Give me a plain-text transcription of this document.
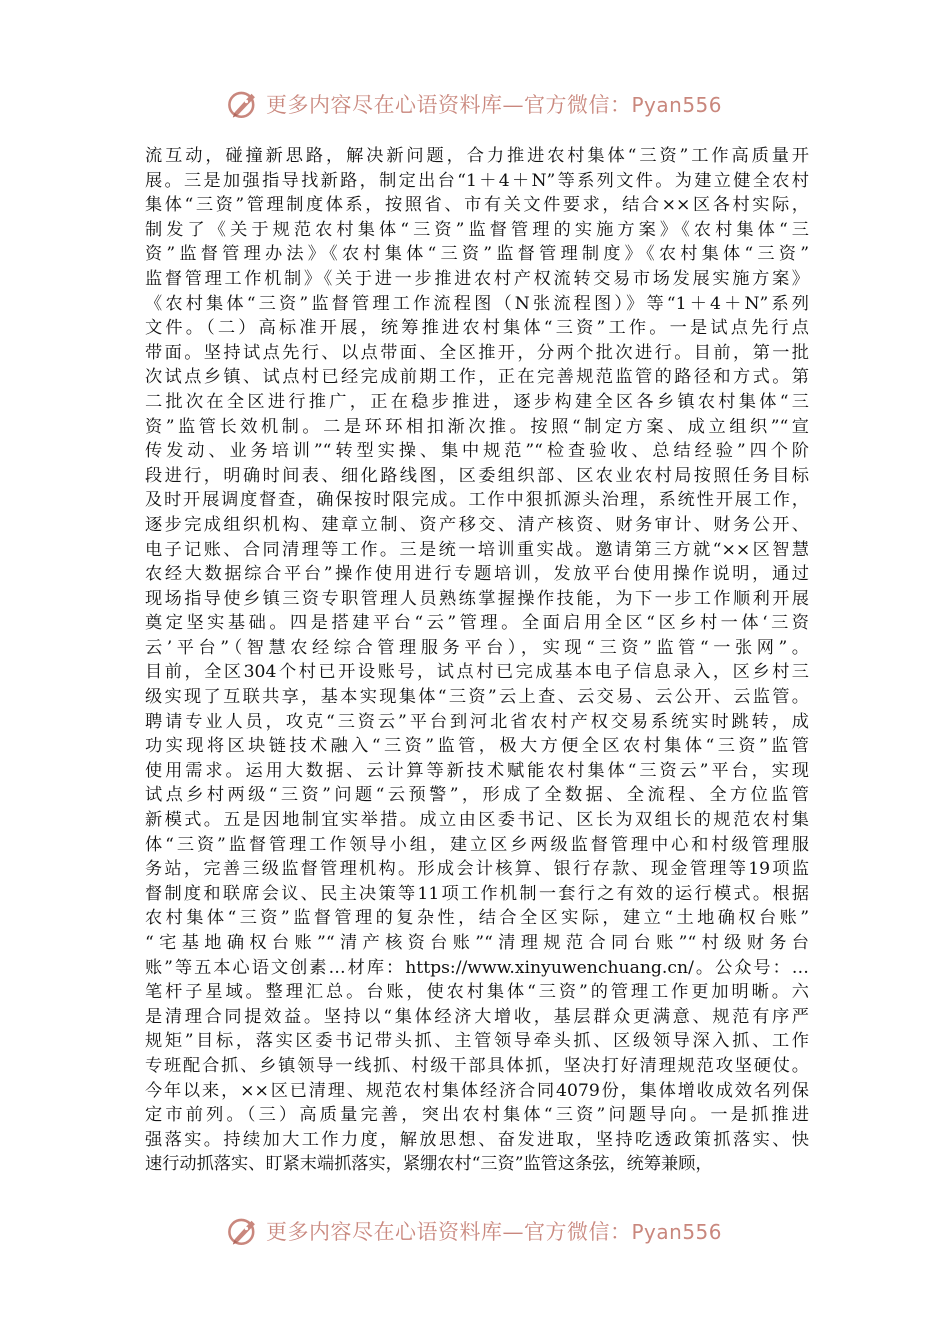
更多内容尽在心语资料库—官方微信：Pyan556
流互动，碰撞新思路，解决新问题，合力推进农村集体“三资”工作高质量开
展。三是加强指导找新路，制定出台“1＋4＋N”等系列文件。为建立健全农村
集体“三资”管理制度体系，按照省、市有关文件要求，结合××区各村实际，
制发了《关于规范农村集体“三资”监督管理的实施方案》《农村集体“三
资”监督管理办法》《农村集体“三资”监督管理制度》《农村集体“三资”
监督管理工作机制》《关于进一步推进农村产权流转交易市场发展实施方案》
《农村集体“三资”监督管理工作流程图（N张流程图）》等“1＋4＋N”系列
文件。（二）高标准开展，统筹推进农村集体“三资”工作。一是试点先行点
带面。坚持试点先行、以点带面、全区推开，分两个批次进行。目前，第一批
次试点乡镇、试点村已经完成前期工作，正在完善规范监管的路径和方式。第
二批次在全区进行推广，正在稳步推进，逐步构建全区各乡镇农村集体“三
资”监管长效机制。二是环环相扣渐次推。按照“制定方案、成立组织”“宣
传发动、业务培训”“转型实操、集中规范”“检查验收、总结经验”四个阶
段进行，明确时间表、细化路线图，区委组织部、区农业农村局按照任务目标
及时开展调度督查，确保按时限完成。工作中狠抓源头治理，系统性开展工作，
逐步完成组织机构、建章立制、资产移交、清产核资、财务审计、财务公开、
电子记账、合同清理等工作。三是统一培训重实战。邀请第三方就“××区智慧
农经大数据综合平台”操作使用进行专题培训，发放平台使用操作说明，通过
现场指导使乡镇三资专职管理人员熟练掌握操作技能，为下一步工作顺利开展
奠定坚实基础。四是搭建平台“云”管理。全面启用全区“区乡村一体‘三资
云’平台”（智慧农经综合管理服务平台），实现“三资”监管“一张网”。
目前，全区304个村已开设账号，试点村已完成基本电子信息录入，区乡村三
级实现了互联共享，基本实现集体“三资”云上查、云交易、云公开、云监管。
聘请专业人员，攻克“三资云”平台到河北省农村产权交易系统实时跳转，成
功实现将区块链技术融入“三资”监管，极大方便全区农村集体“三资”监管
使用需求。运用大数据、云计算等新技术赋能农村集体“三资云”平台，实现
试点乡村两级“三资”问题“云预警”，形成了全数据、全流程、全方位监管
新模式。五是因地制宜实举措。成立由区委书记、区长为双组长的规范农村集
体“三资”监督管理工作领导小组，建立区乡两级监督管理中心和村级管理服
务站，完善三级监督管理机构。形成会计核算、银行存款、现金管理等19项监
督制度和联席会议、民主决策等11项工作机制一套行之有效的运行模式。根据
农村集体“三资”监督管理的复杂性，结合全区实际，建立“土地确权台账”
“宅基地确权台账”“清产核资台账”“清理规范合同台账”“村级财务台
账”等五本心语文创素…材库：https://www.xinyuwenchuang.cn/。公众号：…
笔杆子星域。整理汇总。台账，使农村集体“三资”的管理工作更加明晰。六
是清理合同提效益。坚持以“集体经济大增收，基层群众更满意、规范有序严
规矩”目标，落实区委书记带头抓、主管领导牵头抓、区级领导深入抓、工作
专班配合抓、乡镇领导一线抓、村级干部具体抓，坚决打好清理规范攻坚硬仗。
今年以来，××区已清理、规范农村集体经济合同4079份，集体增收成效名列保
定市前列。（三）高质量完善，突出农村集体“三资”问题导向。一是抓推进
强落实。持续加大工作力度，解放思想、奋发进取，坚持吃透政策抓落实、快
速行动抓落实、盯紧末端抓落实，紧绷农村“三资”监管这条弦，统筹兼顾，
更多内容尽在心语资料库—官方微信：Pyan556
